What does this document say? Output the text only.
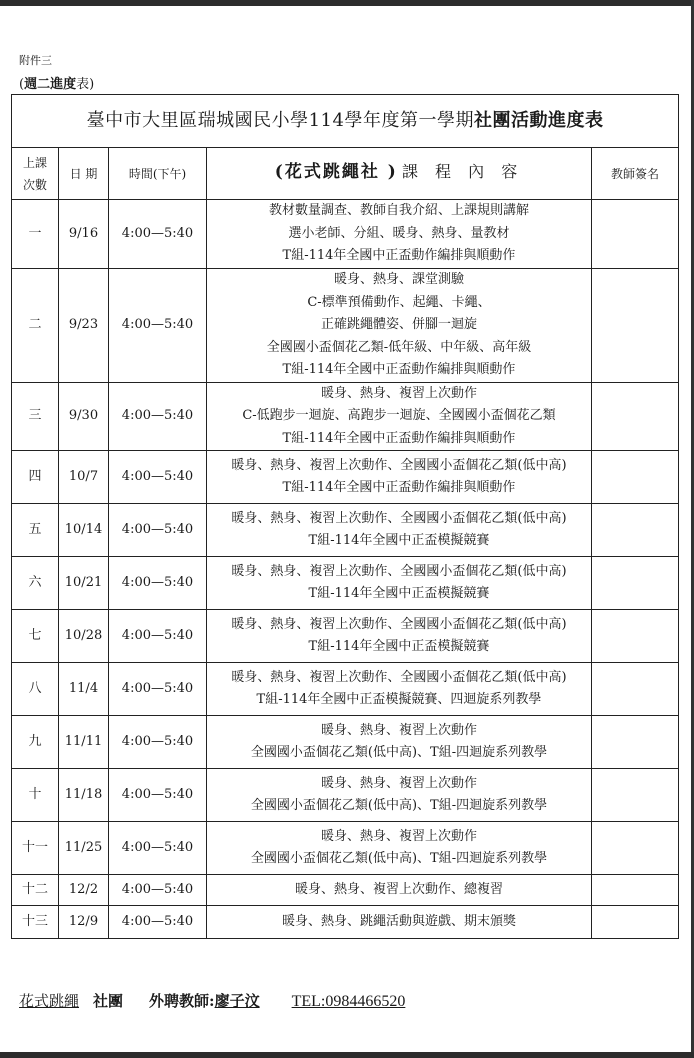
附件三
(週二進度表)
臺中市大里區瑞城國民小學114學年度第一學期社團活動進度表				

上課
次數	日 期	時間(下午)	(花式跳繩社 ) 課 程 內 容	教師簽名
一	9/16	4:00—5:40	教材數量調查、教師自我介紹、上課規則講解
選小老師、分組、暖身、熱身、量教材
T組-114年全國中正盃動作編排與順動作	

二	9/23	4:00—5:40	暖身、熱身、課堂測驗
C-標準預備動作、起繩、卡繩、
正確跳繩體姿、併腳一迴旋
全國國小盃個花乙類-低年級、中年級、高年級
T組-114年全國中正盃動作編排與順動作	

三	9/30	4:00—5:40	暖身、熱身、複習上次動作
C-低跑步一迴旋、高跑步一迴旋、全國國小盃個花乙類
T組-114年全國中正盃動作編排與順動作	

四	10/7	4:00—5:40	暖身、熱身、複習上次動作、全國國小盃個花乙類(低中高)
T組-114年全國中正盃動作編排與順動作	

五	10/14	4:00—5:40	暖身、熱身、複習上次動作、全國國小盃個花乙類(低中高)
T組-114年全國中正盃模擬競賽	

六	10/21	4:00—5:40	暖身、熱身、複習上次動作、全國國小盃個花乙類(低中高)
T組-114年全國中正盃模擬競賽	

七	10/28	4:00—5:40	暖身、熱身、複習上次動作、全國國小盃個花乙類(低中高)
T組-114年全國中正盃模擬競賽	

八	11/4	4:00—5:40	暖身、熱身、複習上次動作、全國國小盃個花乙類(低中高)
T組-114年全國中正盃模擬競賽、四迴旋系列教學	

九	11/11	4:00—5:40	暖身、熱身、複習上次動作
全國國小盃個花乙類(低中高)、T組-四迴旋系列教學	

十	11/18	4:00—5:40	暖身、熱身、複習上次動作
全國國小盃個花乙類(低中高)、T組-四迴旋系列教學	

十一	11/25	4:00—5:40	暖身、熱身、複習上次動作
全國國小盃個花乙類(低中高)、T組-四迴旋系列教學	

十二	12/2	4:00—5:40	暖身、熱身、複習上次動作、總複習	

十三	12/9	4:00—5:40	暖身、熱身、跳繩活動與遊戲、期末頒獎	

花式跳繩 社團 外聘教師:廖子汶 TEL:0984466520
